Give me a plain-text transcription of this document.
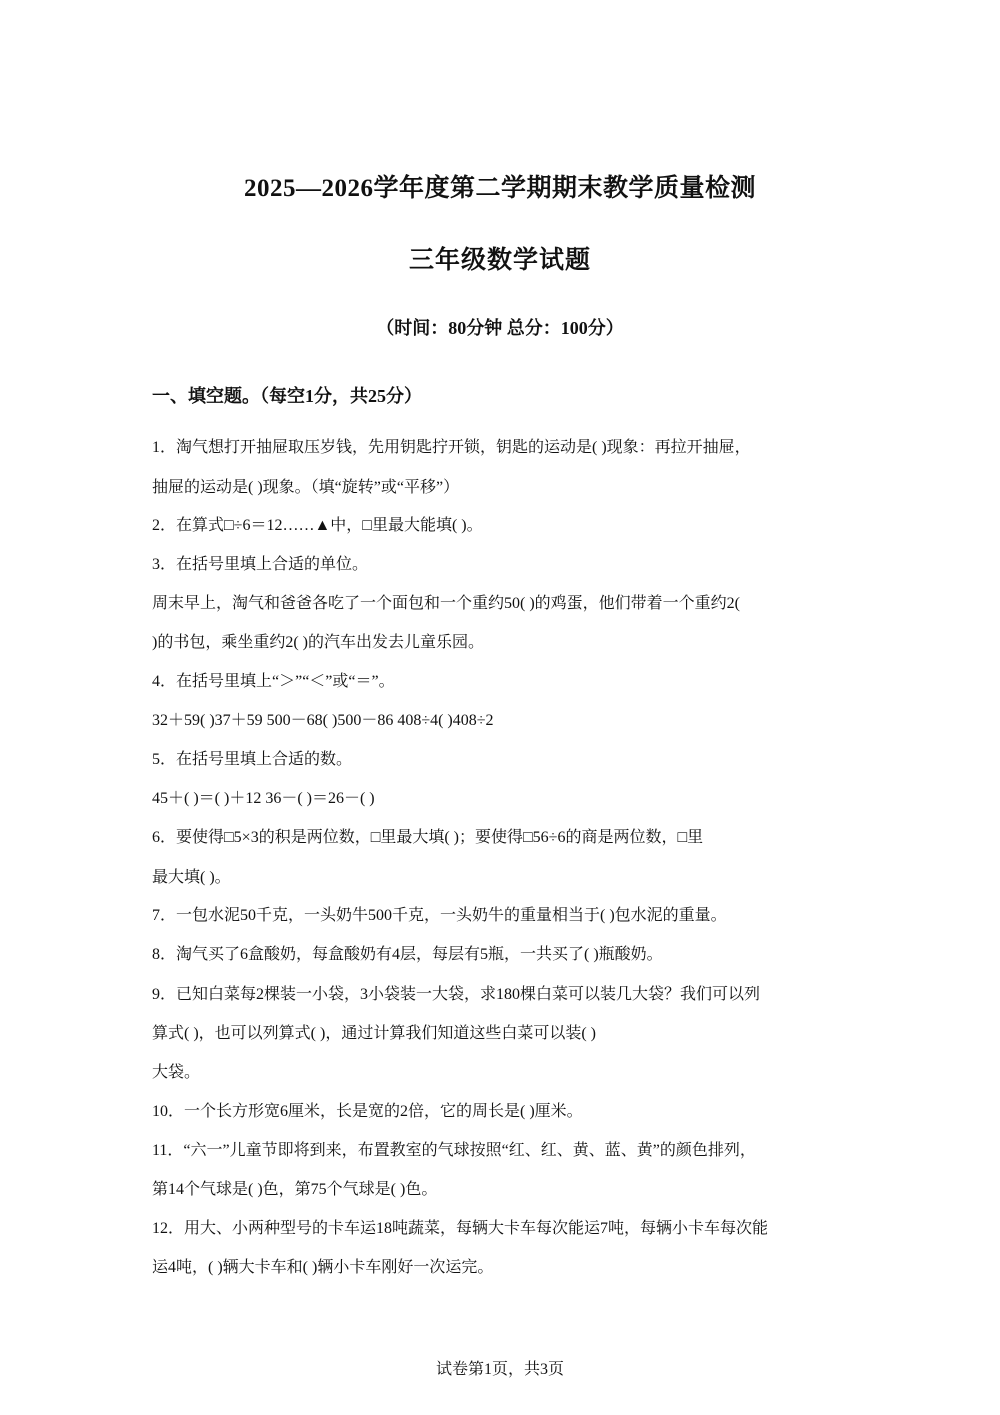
2025—2026学年度第二学期期末教学质量检测
三年级数学试题
（时间：80分钟 总分：100分）
一、填空题。（每空1分，共25分）
1．淘气想打开抽屉取压岁钱，先用钥匙拧开锁，钥匙的运动是( )现象：再拉开抽屉，
抽屉的运动是( )现象。（填“旋转”或“平移”）
2．在算式□÷6＝12……▲中，□里最大能填( )。
3．在括号里填上合适的单位。
周末早上，淘气和爸爸各吃了一个面包和一个重约50( )的鸡蛋，他们带着一个重约2(
)的书包，乘坐重约2( )的汽车出发去儿童乐园。
4．在括号里填上“＞”“＜”或“＝”。
32＋59( )37＋59 500－68( )500－86 408÷4( )408÷2
5．在括号里填上合适的数。
45＋( )＝( )＋12 36－( )＝26－( )
6．要使得□5×3的积是两位数，□里最大填( )；要使得□56÷6的商是两位数，□里
最大填( )。
7．一包水泥50千克，一头奶牛500千克，一头奶牛的重量相当于( )包水泥的重量。
8．淘气买了6盒酸奶，每盒酸奶有4层，每层有5瓶，一共买了( )瓶酸奶。
9．已知白菜每2棵装一小袋，3小袋装一大袋，求180棵白菜可以装几大袋？我们可以列
算式( )，也可以列算式( )，通过计算我们知道这些白菜可以装( )
大袋。
10．一个长方形宽6厘米，长是宽的2倍，它的周长是( )厘米。
11．“六一”儿童节即将到来，布置教室的气球按照“红、红、黄、蓝、黄”的颜色排列，
第14个气球是( )色，第75个气球是( )色。
12．用大、小两种型号的卡车运18吨蔬菜，每辆大卡车每次能运7吨，每辆小卡车每次能
运4吨，( )辆大卡车和( )辆小卡车刚好一次运完。
试卷第1页，共3页
